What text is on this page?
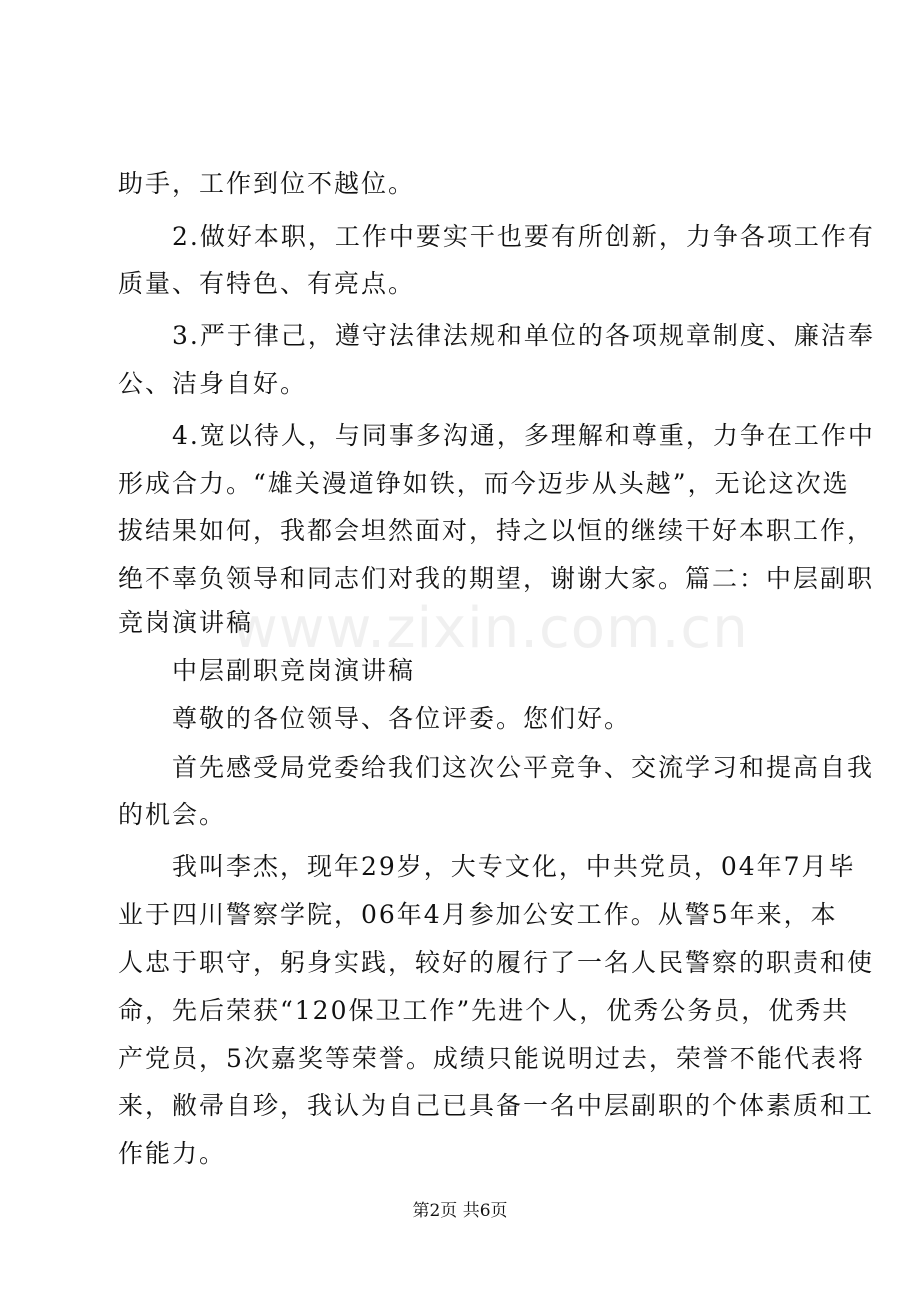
www.zixin.com.cn
助手，工作到位不越位。
2.做好本职，工作中要实干也要有所创新，力争各项工作有
质量、有特色、有亮点。
3.严于律己，遵守法律法规和单位的各项规章制度、廉洁奉
公、洁身自好。
4.宽以待人，与同事多沟通，多理解和尊重，力争在工作中
形成合力。“雄关漫道铮如铁，而今迈步从头越”，无论这次选
拔结果如何，我都会坦然面对，持之以恒的继续干好本职工作，
绝不辜负领导和同志们对我的期望，谢谢大家。篇二：中层副职
竞岗演讲稿
中层副职竞岗演讲稿
尊敬的各位领导、各位评委。您们好。
首先感受局党委给我们这次公平竞争、交流学习和提高自我
的机会。
我叫李杰，现年29岁，大专文化，中共党员，04年7月毕
业于四川警察学院，06年4月参加公安工作。从警5年来，本
人忠于职守，躬身实践，较好的履行了一名人民警察的职责和使
命，先后荣获“120保卫工作”先进个人，优秀公务员，优秀共
产党员，5次嘉奖等荣誉。成绩只能说明过去，荣誉不能代表将
来，敝帚自珍，我认为自己已具备一名中层副职的个体素质和工
作能力。
第2页 共6页
